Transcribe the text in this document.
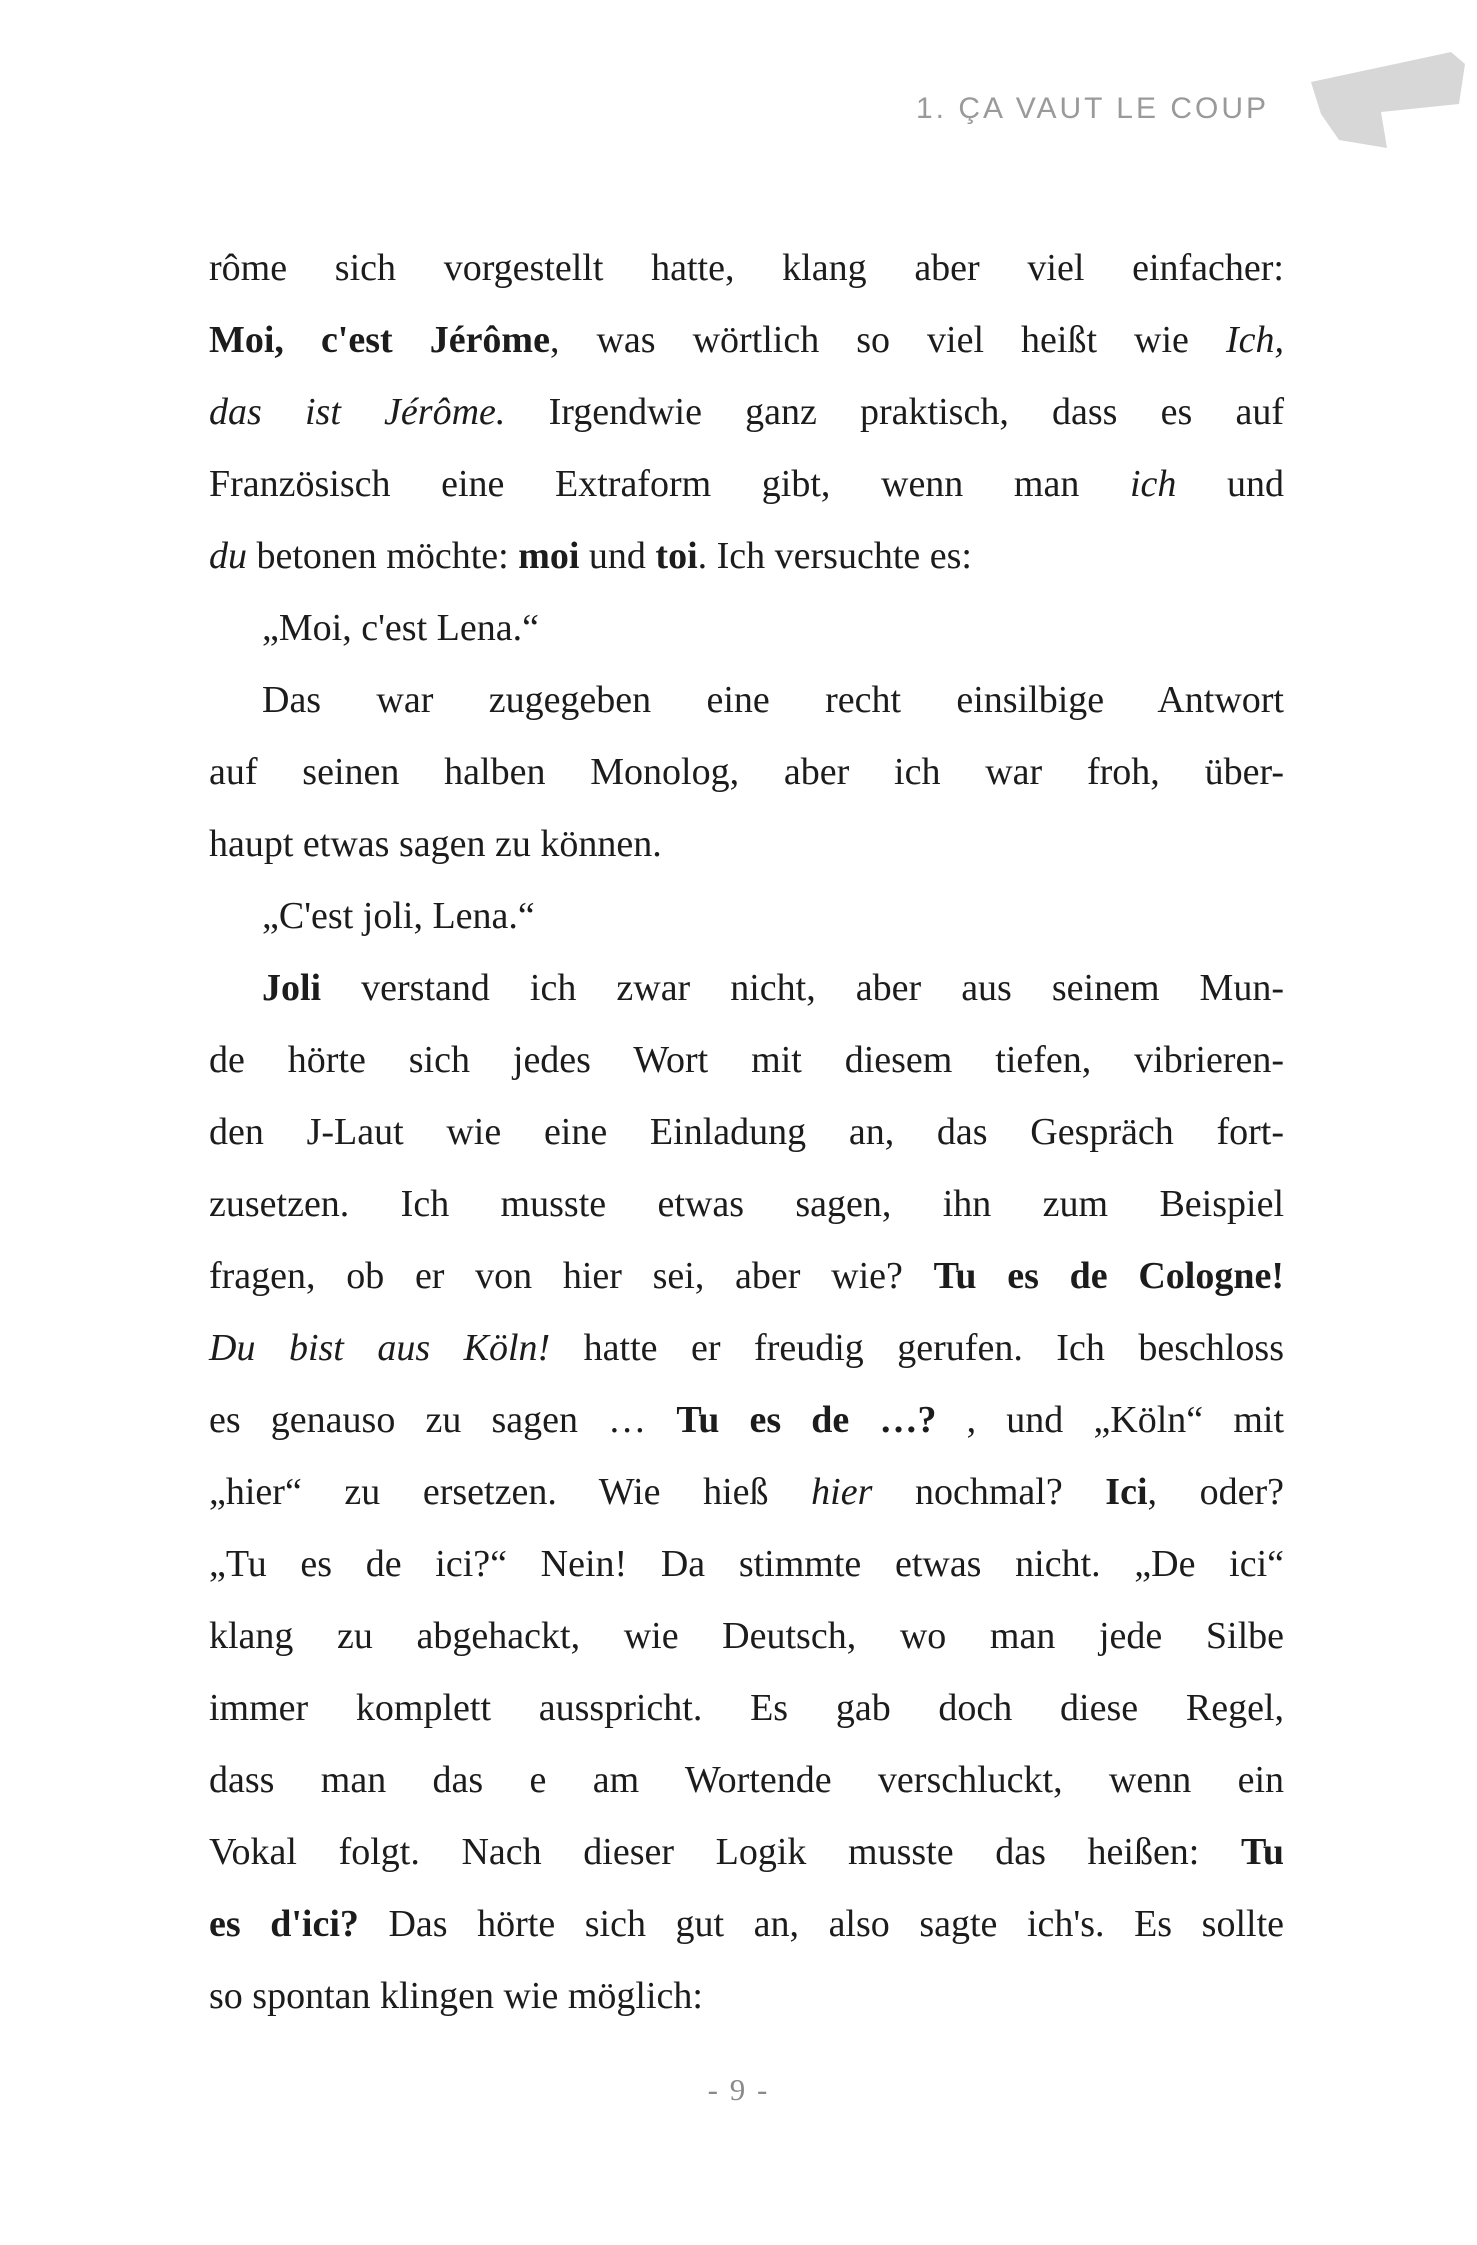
1. ÇA VAUT LE COUP
rôme sich vorgestellt hatte, klang aber viel einfacher:
Moi, c'est Jérôme, was wörtlich so viel heißt wie Ich,
das ist Jérôme. Irgendwie ganz praktisch, dass es auf
Französisch eine Extraform gibt, wenn man ich und
du betonen möchte: moi und toi. Ich versuchte es:
„Moi, c'est Lena.“
Das war zugegeben eine recht einsilbige Antwort
auf seinen halben Monolog, aber ich war froh, über-
haupt etwas sagen zu können.
„C'est joli, Lena.“
Joli verstand ich zwar nicht, aber aus seinem Mun-
de hörte sich jedes Wort mit diesem tiefen, vibrieren-
den J-Laut wie eine Einladung an, das Gespräch fort-
zusetzen. Ich musste etwas sagen, ihn zum Beispiel
fragen, ob er von hier sei, aber wie? Tu es de Cologne!
Du bist aus Köln! hatte er freudig gerufen. Ich beschloss
es genauso zu sagen … Tu es de …? , und „Köln“ mit
„hier“ zu ersetzen. Wie hieß hier nochmal? Ici, oder?
„Tu es de ici?“ Nein! Da stimmte etwas nicht. „De ici“
klang zu abgehackt, wie Deutsch, wo man jede Silbe
immer komplett ausspricht. Es gab doch diese Regel,
dass man das e am Wortende verschluckt, wenn ein
Vokal folgt. Nach dieser Logik musste das heißen: Tu
es d'ici? Das hörte sich gut an, also sagte ich's. Es sollte
so spontan klingen wie möglich:
- 9 -
